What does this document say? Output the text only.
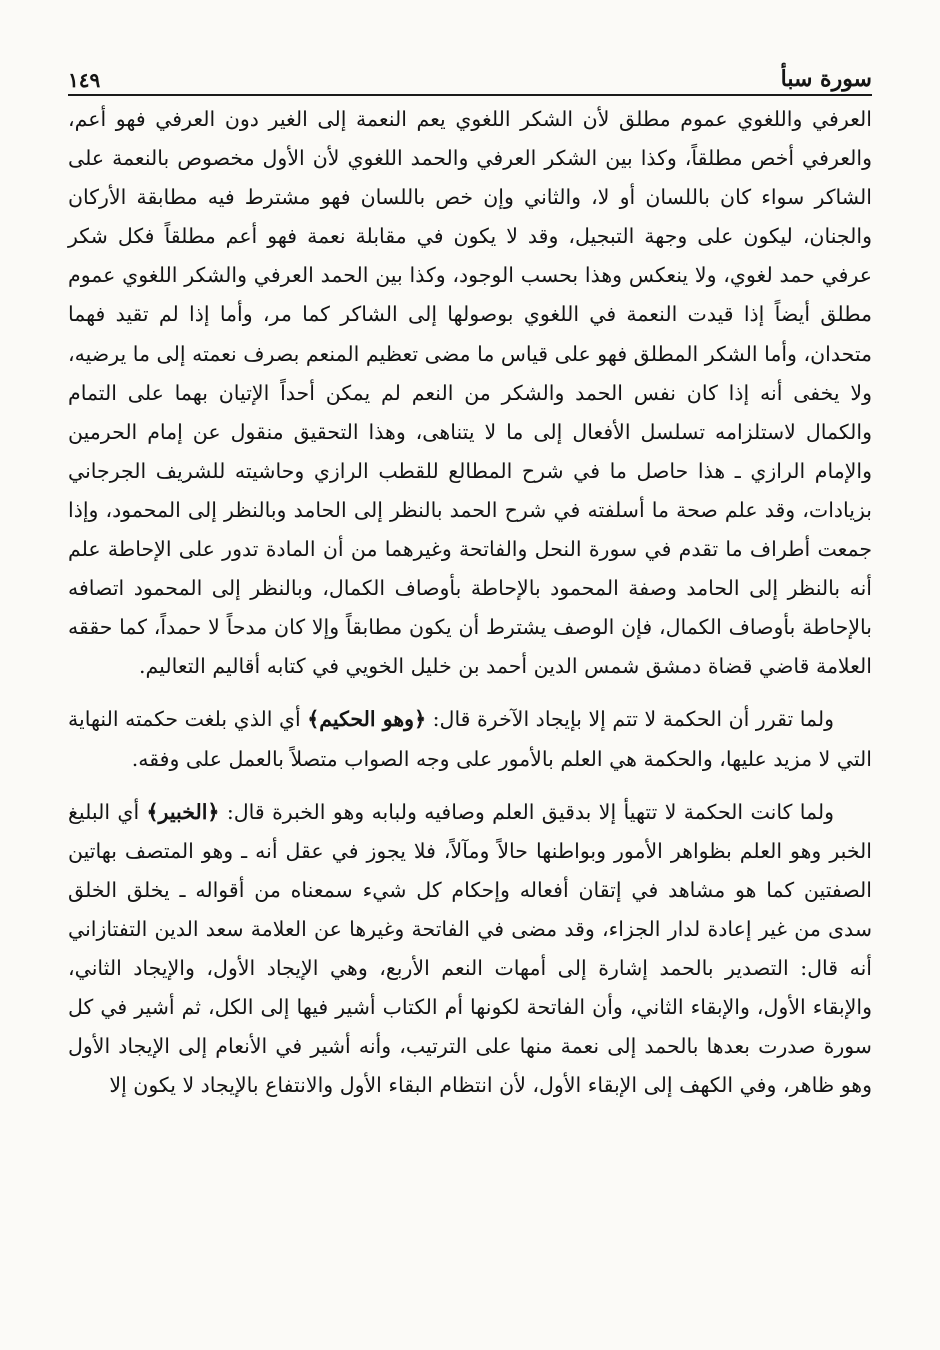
سورة سبأ
١٤٩

العرفي واللغوي عموم مطلق لأن الشكر اللغوي يعم النعمة إلى الغير دون العرفي فهو أعم، والعرفي أخص مطلقاً، وكذا بين الشكر العرفي والحمد اللغوي لأن الأول مخصوص بالنعمة على الشاكر سواء كان باللسان أو لا، والثاني وإن خص باللسان فهو مشترط فيه مطابقة الأركان والجنان، ليكون على وجهة التبجيل، وقد لا يكون في مقابلة نعمة فهو أعم مطلقاً فكل شكر عرفي حمد لغوي، ولا ينعكس وهذا بحسب الوجود، وكذا بين الحمد العرفي والشكر اللغوي عموم مطلق أيضاً إذا قيدت النعمة في اللغوي بوصولها إلى الشاكر كما مر، وأما إذا لم تقيد فهما متحدان، وأما الشكر المطلق فهو على قياس ما مضى تعظيم المنعم بصرف نعمته إلى ما يرضيه، ولا يخفى أنه إذا كان نفس الحمد والشكر من النعم لم يمكن أحداً الإتيان بهما على التمام والكمال لاستلزامه تسلسل الأفعال إلى ما لا يتناهى، وهذا التحقيق منقول عن إمام الحرمين والإمام الرازي ـ هذا حاصل ما في شرح المطالع للقطب الرازي وحاشيته للشريف الجرجاني بزيادات، وقد علم صحة ما أسلفته في شرح الحمد بالنظر إلى الحامد وبالنظر إلى المحمود، وإذا جمعت أطراف ما تقدم في سورة النحل والفاتحة وغيرهما من أن المادة تدور على الإحاطة علم أنه بالنظر إلى الحامد وصفة المحمود بالإحاطة بأوصاف الكمال، وبالنظر إلى المحمود اتصافه بالإحاطة بأوصاف الكمال، فإن الوصف يشترط أن يكون مطابقاً وإلا كان مدحاً لا حمداً، كما حققه العلامة قاضي قضاة دمشق شمس الدين أحمد بن خليل الخويي في كتابه أقاليم التعاليم.

ولما تقرر أن الحكمة لا تتم إلا بإيجاد الآخرة قال: ﴿وهو الحكيم﴾ أي الذي بلغت حكمته النهاية التي لا مزيد عليها، والحكمة هي العلم بالأمور على وجه الصواب متصلاً بالعمل على وفقه.

ولما كانت الحكمة لا تتهيأ إلا بدقيق العلم وصافيه ولبابه وهو الخبرة قال: ﴿الخبير﴾ أي البليغ الخبر وهو العلم بظواهر الأمور وبواطنها حالاً ومآلاً، فلا يجوز في عقل أنه ـ وهو المتصف بهاتين الصفتين كما هو مشاهد في إتقان أفعاله وإحكام كل شيء سمعناه من أقواله ـ يخلق الخلق سدى من غير إعادة لدار الجزاء، وقد مضى في الفاتحة وغيرها عن العلامة سعد الدين التفتازاني أنه قال: التصدير بالحمد إشارة إلى أمهات النعم الأربع، وهي الإيجاد الأول، والإيجاد الثاني، والإبقاء الأول، والإبقاء الثاني، وأن الفاتحة لكونها أم الكتاب أشير فيها إلى الكل، ثم أشير في كل سورة صدرت بعدها بالحمد إلى نعمة منها على الترتيب، وأنه أشير في الأنعام إلى الإيجاد الأول وهو ظاهر، وفي الكهف إلى الإبقاء الأول، لأن انتظام البقاء الأول والانتفاع بالإيجاد لا يكون إلا
